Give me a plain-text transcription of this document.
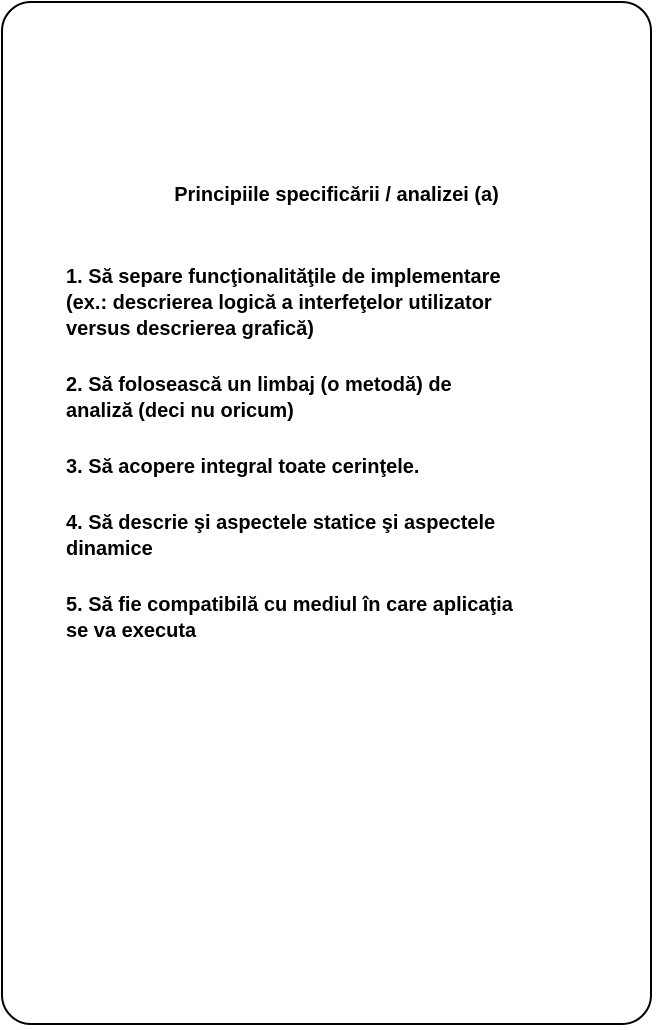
Principiile specificării / analizei (a)
1. Să separe funcţionalităţile de implementare
(ex.: descrierea logică a interfeţelor utilizator
versus descrierea grafică)
2. Să folosească un limbaj (o metodă) de
analiză (deci nu oricum)
3. Să acopere integral toate cerinţele.
4. Să descrie şi aspectele statice şi aspectele
dinamice
5. Să fie compatibilă cu mediul în care aplicaţia
se va executa
